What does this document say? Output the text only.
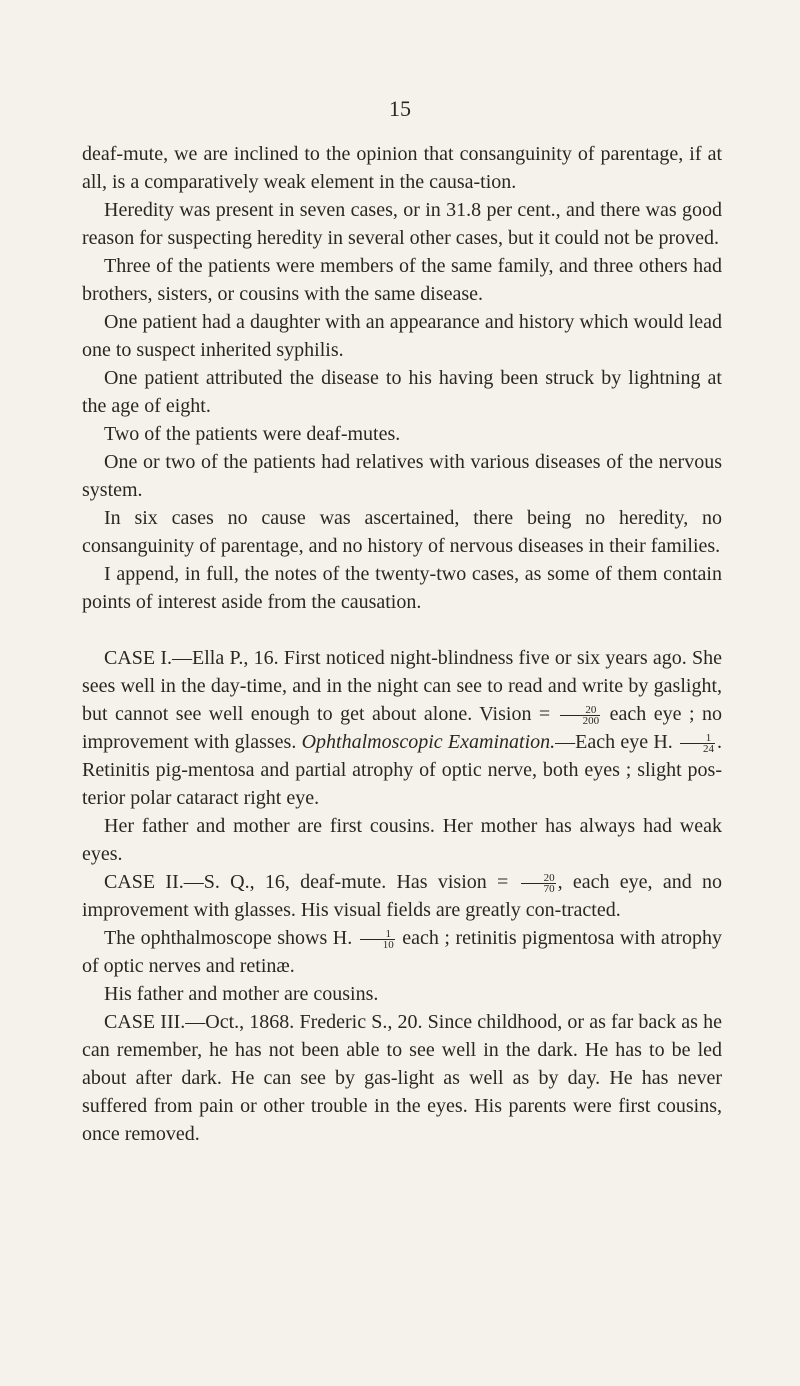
15

deaf-mute, we are inclined to the opinion that consanguinity of parentage, if at all, is a comparatively weak element in the causa-tion.

Heredity was present in seven cases, or in 31.8 per cent., and there was good reason for suspecting heredity in several other cases, but it could not be proved.

Three of the patients were members of the same family, and three others had brothers, sisters, or cousins with the same disease.

One patient had a daughter with an appearance and history which would lead one to suspect inherited syphilis.

One patient attributed the disease to his having been struck by lightning at the age of eight.

Two of the patients were deaf-mutes.

One or two of the patients had relatives with various diseases of the nervous system.

In six cases no cause was ascertained, there being no heredity, no consanguinity of parentage, and no history of nervous diseases in their families.

I append, in full, the notes of the twenty-two cases, as some of them contain points of interest aside from the causation.

CASE I.—Ella P., 16. First noticed night-blindness five or six years ago. She sees well in the day-time, and in the night can see to read and write by gaslight, but cannot see well enough to get about alone. Vision = $\frac{20}{200}$ each eye ; no improvement with glasses. Ophthalmoscopic Examination.—Each eye H. $\frac{1}{24}$ . Retinitis pig-mentosa and partial atrophy of optic nerve, both eyes ; slight pos-terior polar cataract right eye.

Her father and mother are first cousins. Her mother has always had weak eyes.

CASE II.—S. Q., 16, deaf-mute. Has vision = $\frac{20}{70}$ , each eye, and no improvement with glasses. His visual fields are greatly con-tracted.

The ophthalmoscope shows H. $\frac{1}{10}$ each ; retinitis pigmentosa with atrophy of optic nerves and retinæ.

His father and mother are cousins.

CASE III.—Oct., 1868. Frederic S., 20. Since childhood, or as far back as he can remember, he has not been able to see well in the dark. He has to be led about after dark. He can see by gas-light as well as by day. He has never suffered from pain or other trouble in the eyes. His parents were first cousins, once removed.
